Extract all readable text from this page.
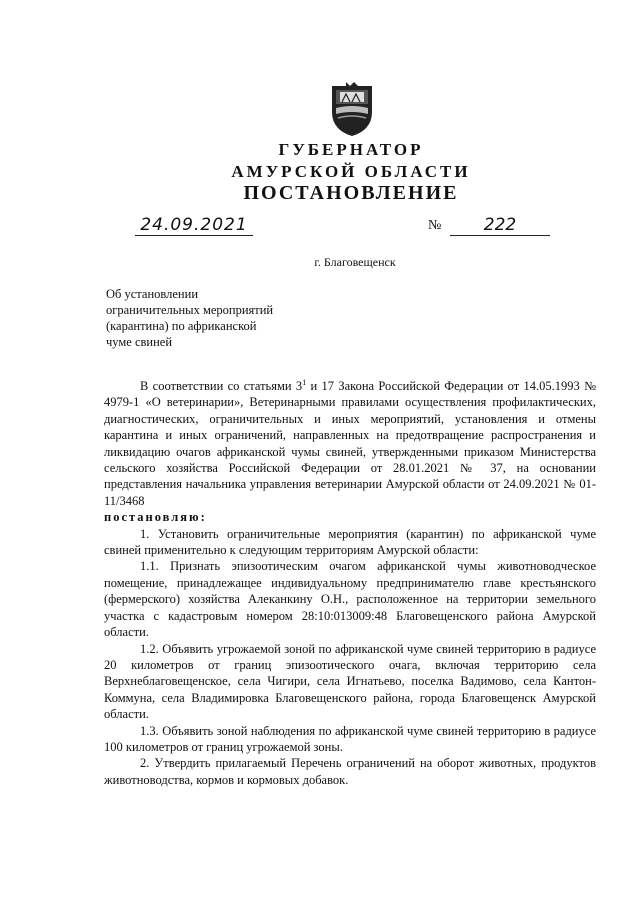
ГУБЕРНАТОР
АМУРСКОЙ ОБЛАСТИ
ПОСТАНОВЛЕНИЕ
24.09.2021	№	222
г. Благовещенск
Об установлении
ограничительных мероприятий
(карантина) по африканской
чуме свиней

В соответствии со статьями $3^1$ и 17 Закона Российской Федерации от 14.05.1993 № 4979-1 «О ветеринарии», Ветеринарными правилами осуществления профилактических, диагностических, ограничительных и иных мероприятий, установления и отмены карантина и иных ограничений, направленных на предотвращение распространения и ликвидацию очагов африканской чумы свиней, утвержденными приказом Министерства сельского хозяйства Российской Федерации от 28.01.2021 № 37, на основании представления начальника управления ветеринарии Амурской области от 24.09.2021 № 01-11/3468

постановляю:

1. Установить ограничительные мероприятия (карантин) по африканской чуме свиней применительно к следующим территориям Амурской области:

1.1. Признать эпизоотическим очагом африканской чумы животноводческое помещение, принадлежащее индивидуальному предпринимателю главе крестьянского (фермерского) хозяйства Алеканкину О.Н., расположенное на территории земельного участка с кадастровым номером 28:10:013009:48 Благовещенского района Амурской области.

1.2. Объявить угрожаемой зоной по африканской чуме свиней территорию в радиусе 20 километров от границ эпизоотического очага, включая территорию села Верхнеблаговещенское, села Чигири, села Игнатьево, поселка Вадимово, села Кантон-Коммуна, села Владимировка Благовещенского района, города Благовещенск Амурской области.

1.3. Объявить зоной наблюдения по африканской чуме свиней территорию в радиусе 100 километров от границ угрожаемой зоны.

2. Утвердить прилагаемый Перечень ограничений на оборот животных, продуктов животноводства, кормов и кормовых добавок.
